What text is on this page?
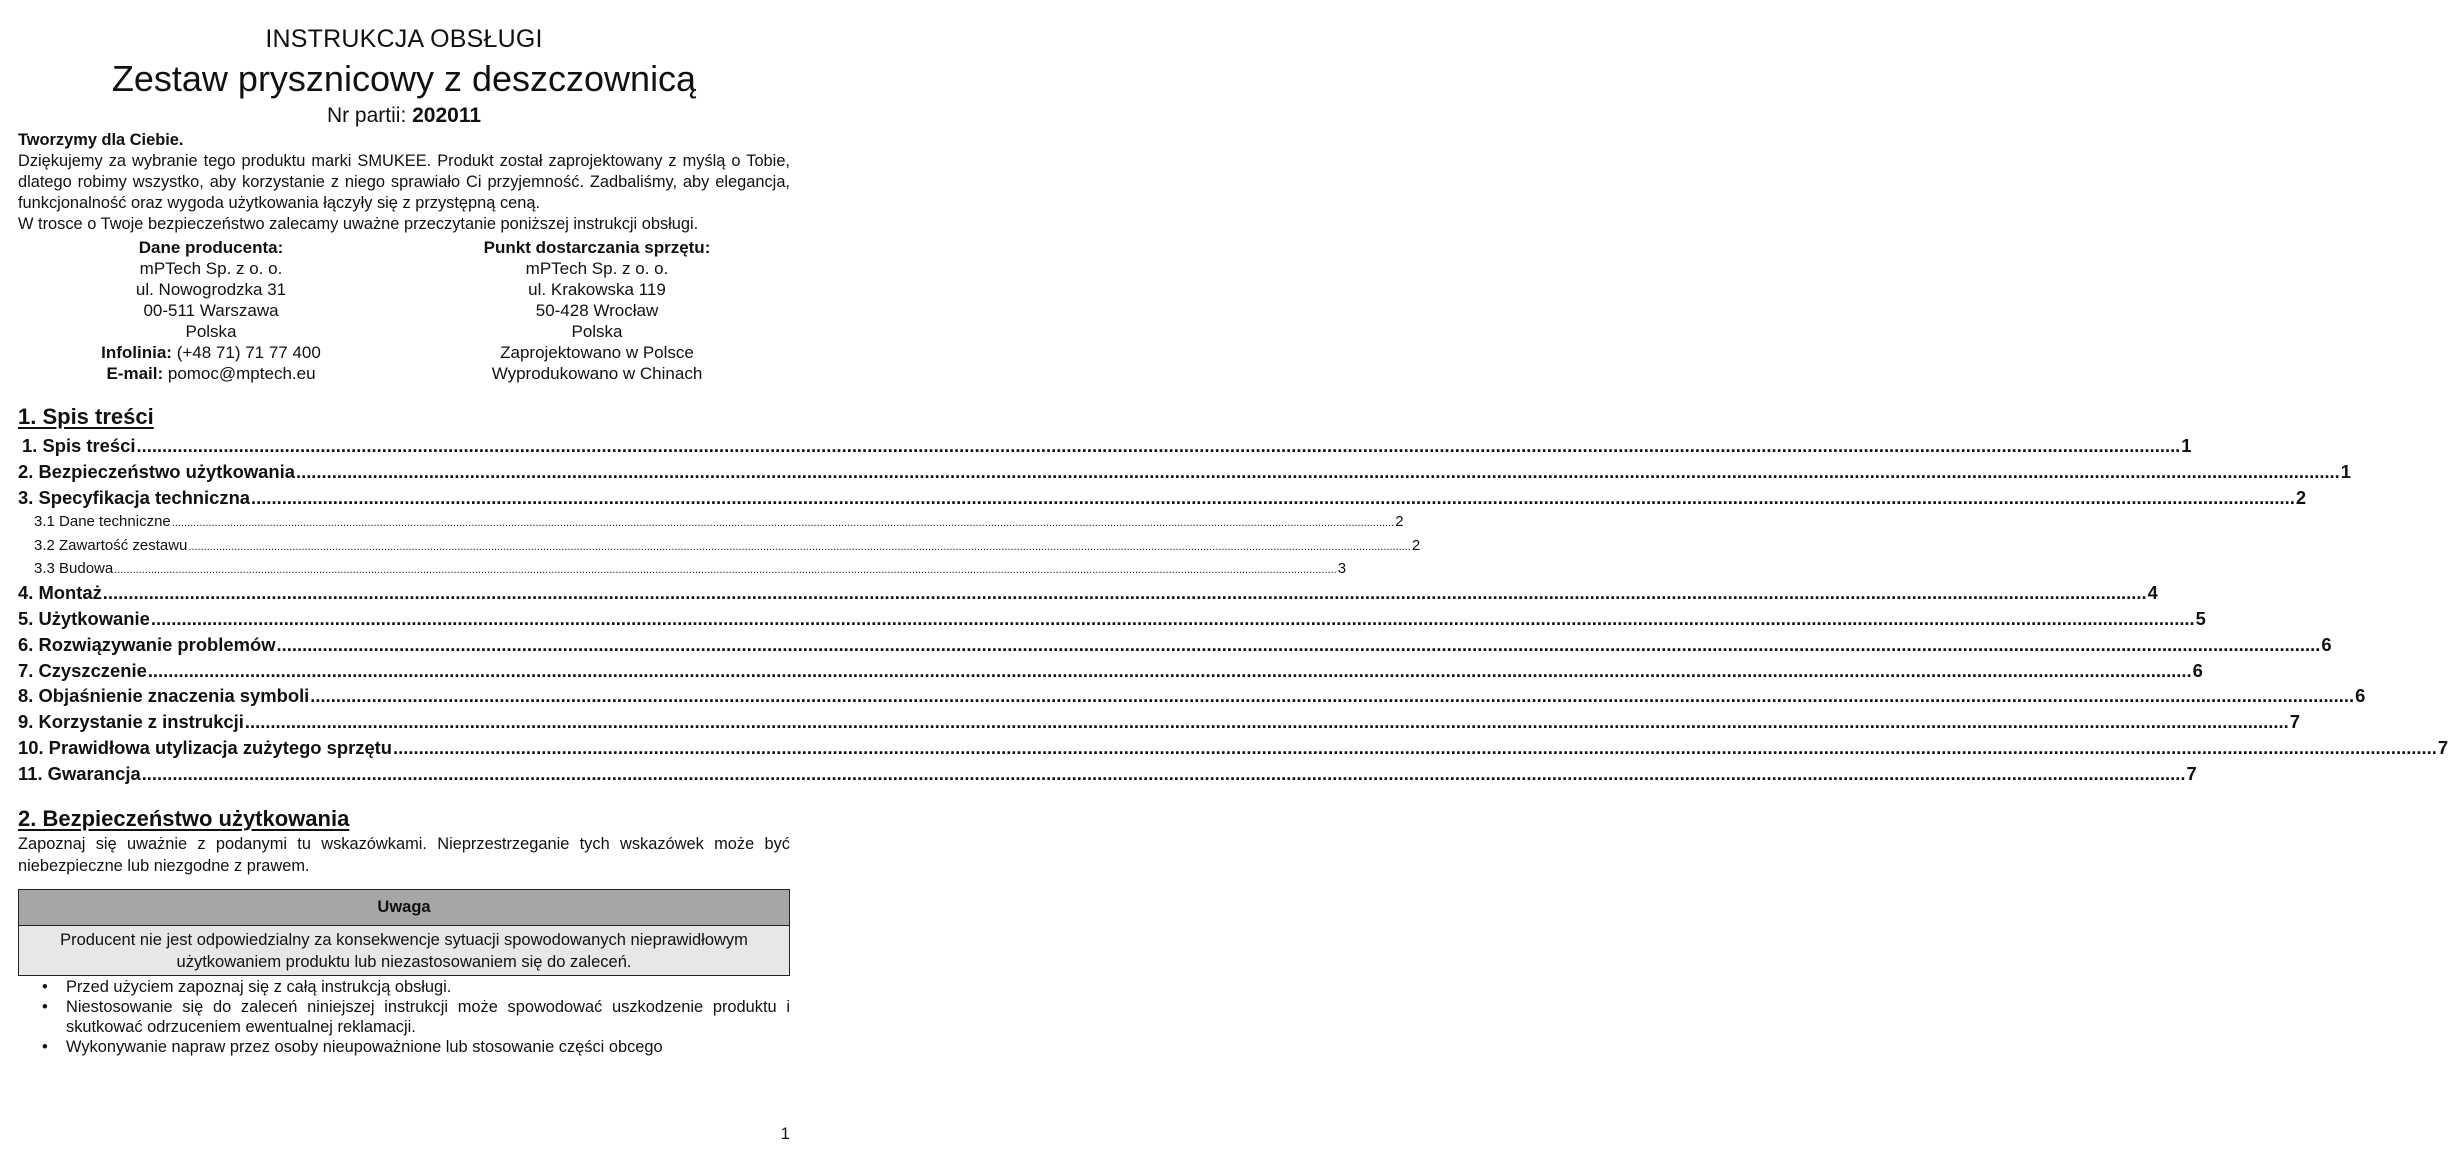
INSTRUKCJA OBSŁUGI
Zestaw prysznicowy z deszczownicą
Nr partii: 202011
Tworzymy dla Ciebie.
Dziękujemy za wybranie tego produktu marki SMUKEE. Produkt został zaprojektowany z myślą o Tobie, dlatego robimy wszystko, aby korzystanie z niego sprawiało Ci przyjemność. Zadbaliśmy, aby elegancja, funkcjonalność oraz wygoda użytkowania łączyły się z przystępną ceną.
W trosce o Twoje bezpieczeństwo zalecamy uważne przeczytanie poniższej instrukcji obsługi.
Dane producenta:
mPTech Sp. z o. o.
ul. Nowogrodzka 31
00-511 Warszawa
Polska
Infolinia: (+48 71) 71 77 400
E-mail: pomoc@mptech.eu
Punkt dostarczania sprzętu:
mPTech Sp. z o. o.
ul. Krakowska 119
50-428 Wrocław
Polska
Zaprojektowano w Polsce
Wyprodukowano w Chinach
1. Spis treści
1. Spis treści ................................................................................................................................................................................................................................................................................................................................................................................................................ 1
2. Bezpieczeństwo użytkowania ................................................................................................................................................................................................................................................................................................................................................................................................................ 1
3. Specyfikacja techniczna ................................................................................................................................................................................................................................................................................................................................................................................................................ 2
3.1 Dane techniczne ................................................................................................................................................................................................................................................................................................................................................................................................................ 2
3.2 Zawartość zestawu ................................................................................................................................................................................................................................................................................................................................................................................................................ 2
3.3 Budowa ................................................................................................................................................................................................................................................................................................................................................................................................................ 3
4. Montaż ................................................................................................................................................................................................................................................................................................................................................................................................................ 4
5. Użytkowanie ................................................................................................................................................................................................................................................................................................................................................................................................................ 5
6. Rozwiązywanie problemów ................................................................................................................................................................................................................................................................................................................................................................................................................ 6
7. Czyszczenie ................................................................................................................................................................................................................................................................................................................................................................................................................ 6
8. Objaśnienie znaczenia symboli ................................................................................................................................................................................................................................................................................................................................................................................................................ 6
9. Korzystanie z instrukcji ................................................................................................................................................................................................................................................................................................................................................................................................................ 7
10. Prawidłowa utylizacja zużytego sprzętu ................................................................................................................................................................................................................................................................................................................................................................................................................ 7
11. Gwarancja ................................................................................................................................................................................................................................................................................................................................................................................................................ 7
2. Bezpieczeństwo użytkowania
Zapoznaj się uważnie z podanymi tu wskazówkami. Nieprzestrzeganie tych wskazówek może być niebezpieczne lub niezgodne z prawem.
Uwaga
Producent nie jest odpowiedzialny za konsekwencje sytuacji spowodowanych nieprawidłowym użytkowaniem produktu lub niezastosowaniem się do zaleceń.
• Przed użyciem zapoznaj się z całą instrukcją obsługi.
• Niestosowanie się do zaleceń niniejszej instrukcji może spowodować uszkodzenie produktu i skutkować odrzuceniem ewentualnej reklamacji.
• Wykonywanie napraw przez osoby nieupoważnione lub stosowanie części obcego
1
